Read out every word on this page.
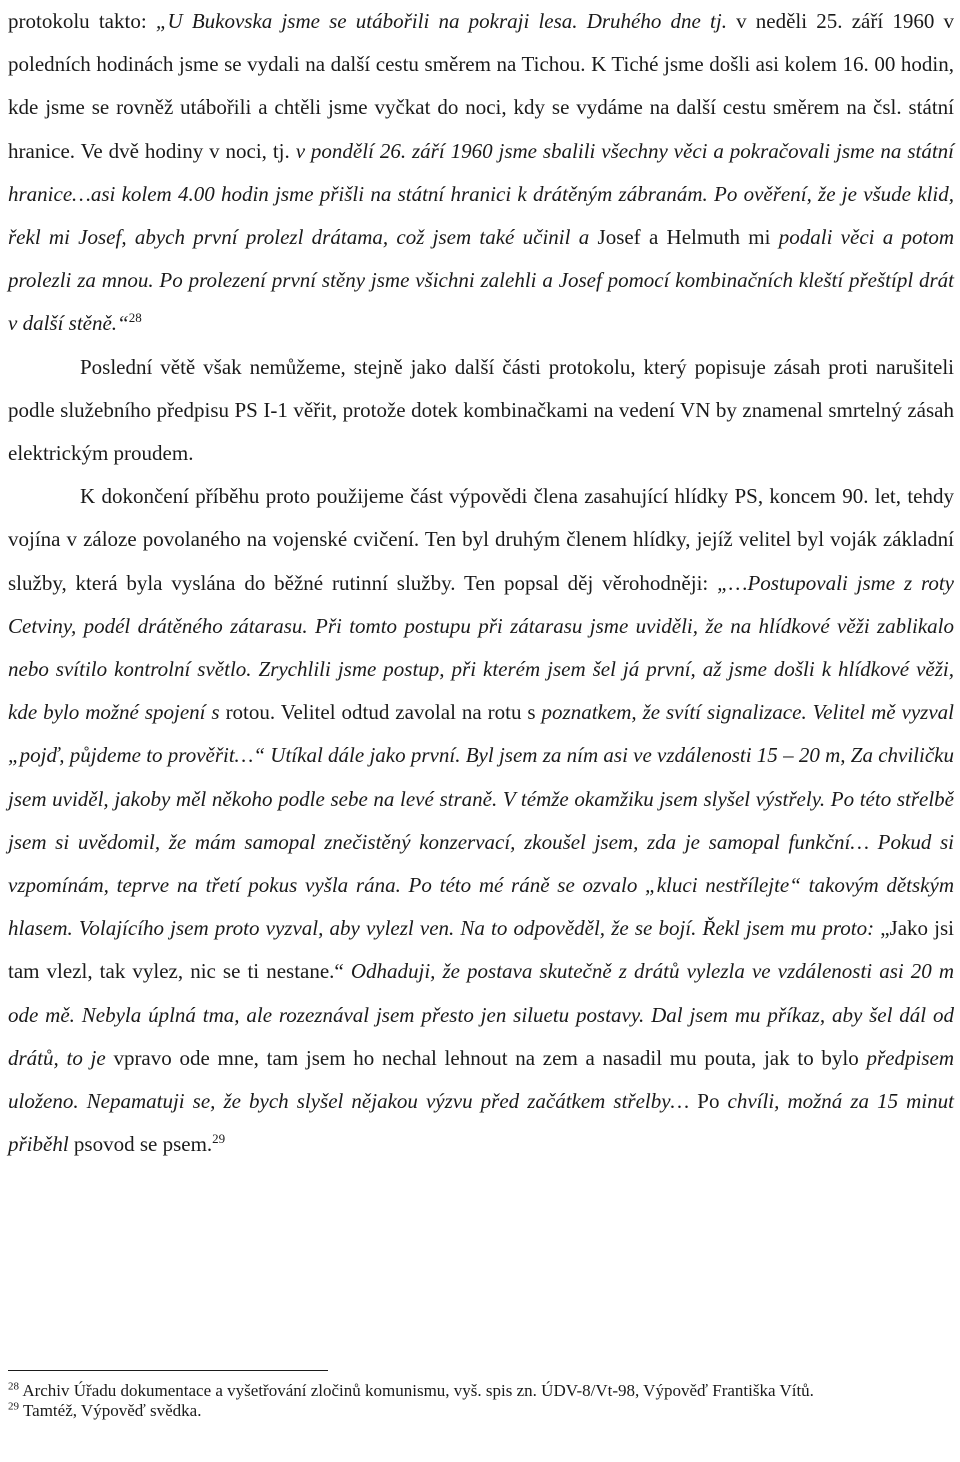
protokolu takto: „U Bukovska jsme se utábořili na pokraji lesa. Druhého dne tj. v neděli 25. září 1960 v poledních hodinách jsme se vydali na další cestu směrem na Tichou. K Tiché jsme došli asi kolem 16. 00 hodin, kde jsme se rovněž utábořili a chtěli jsme vyčkat do noci, kdy se vydáme na další cestu směrem na čsl. státní hranice. Ve dvě hodiny v noci, tj. v pondělí 26. září 1960 jsme sbalili všechny věci a pokračovali jsme na státní hranice…asi kolem 4.00 hodin jsme přišli na státní hranici k drátěným zábranám. Po ověření, že je všude klid, řekl mi Josef, abych první prolezl drátama, což jsem také učinil a Josef a Helmuth mi podali věci a potom prolezli za mnou. Po prolezení první stěny jsme všichni zalehli a Josef pomocí kombinačních kleští přeštípl drát v další stěně.“$^{28}$

Poslední větě však nemůžeme, stejně jako další části protokolu, který popisuje zásah proti narušiteli podle služebního předpisu PS I-1 věřit, protože dotek kombinačkami na vedení VN by znamenal smrtelný zásah elektrickým proudem.

K dokončení příběhu proto použijeme část výpovědi člena zasahující hlídky PS, koncem 90. let, tehdy vojína v záloze povolaného na vojenské cvičení. Ten byl druhým členem hlídky, jejíž velitel byl voják základní služby, která byla vyslána do běžné rutinní služby. Ten popsal děj věrohodněji: „…Postupovali jsme z roty Cetviny, podél drátěného zátarasu. Při tomto postupu při zátarasu jsme uviděli, že na hlídkové věži zablikalo nebo svítilo kontrolní světlo. Zrychlili jsme postup, při kterém jsem šel já první, až jsme došli k hlídkové věži, kde bylo možné spojení s rotou. Velitel odtud zavolal na rotu s poznatkem, že svítí signalizace. Velitel mě vyzval „pojď, půjdeme to prověřit…“ Utíkal dále jako první. Byl jsem za ním asi ve vzdálenosti 15 – 20 m, Za chviličku jsem uviděl, jakoby měl někoho podle sebe na levé straně. V témže okamžiku jsem slyšel výstřely. Po této střelbě jsem si uvědomil, že mám samopal znečistěný konzervací, zkoušel jsem, zda je samopal funkční… Pokud si vzpomínám, teprve na třetí pokus vyšla rána. Po této mé ráně se ozvalo „kluci nestřílejte“ takovým dětským hlasem. Volajícího jsem proto vyzval, aby vylezl ven. Na to odpověděl, že se bojí. Řekl jsem mu proto: „Jako jsi tam vlezl, tak vylez, nic se ti nestane.“ Odhaduji, že postava skutečně z drátů vylezla ve vzdálenosti asi 20 m ode mě. Nebyla úplná tma, ale rozeznával jsem přesto jen siluetu postavy. Dal jsem mu příkaz, aby šel dál od drátů, to je vpravo ode mne, tam jsem ho nechal lehnout na zem a nasadil mu pouta, jak to bylo předpisem uloženo. Nepamatuji se, že bych slyšel nějakou výzvu před začátkem střelby… Po chvíli, možná za 15 minut přiběhl psovod se psem.$^{29}$

$^{28}$ Archiv Úřadu dokumentace a vyšetřování zločinů komunismu, vyš. spis zn. ÚDV-8/Vt-98, Výpověď Františka Vítů.

$^{29}$ Tamtéž, Výpověď svědka.
